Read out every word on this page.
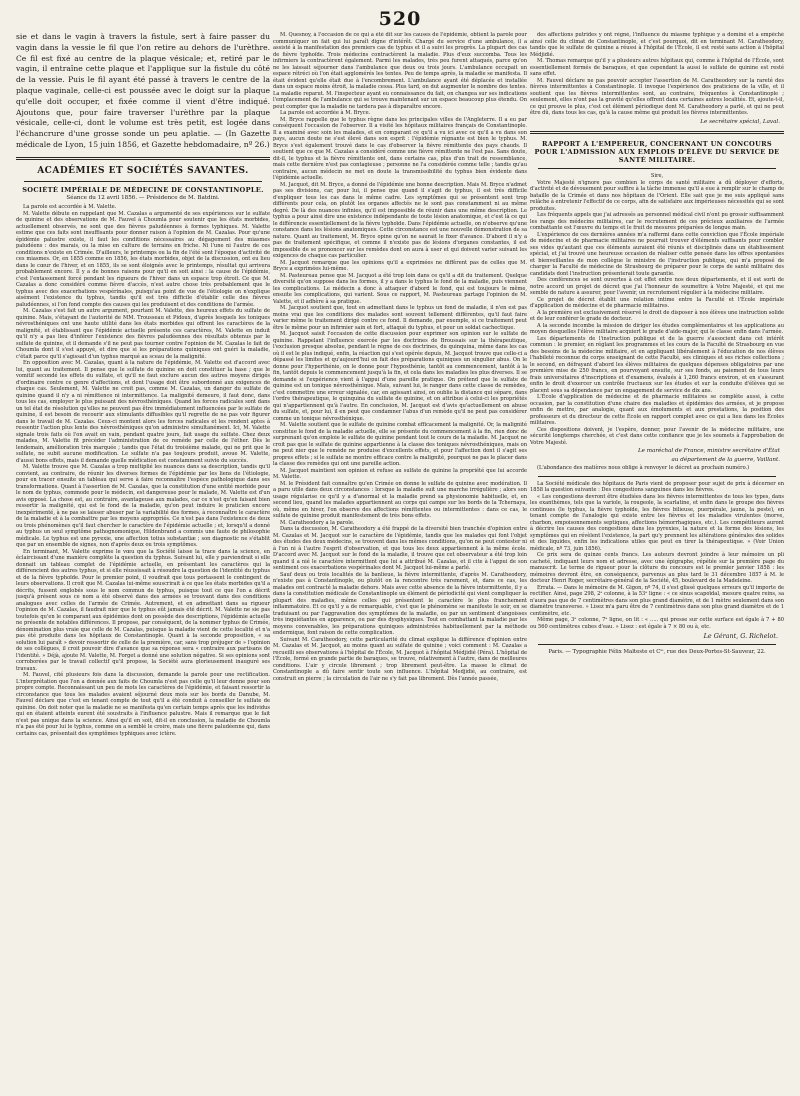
520

sie et dans le vagin à travers la fistule, sert à faire passer du vagin dans la vessie le fil que l'on retire au dehors de l'urèthre. Ce fil est fixé au centre de la plaque vésicale; et, retiré par le vagin, il entraîne cette plaque et l'applique sur la fistule du côté de la vessie. Puis le fil ayant été passé à travers le centre de la plaque vaginale, celle-ci est poussée avec le doigt sur la plaque qu'elle doit occuper, et fixée comme il vient d'être indiqué. Ajoutons que, pour faire traverser l'urèthre par la plaque vésicale, celle-ci, dont le volume est très petit, est logée dans l'échancrure d'une grosse sonde un peu aplatie. — (In Gazette médicale de Lyon, 15 juin 1856, et Gazette hebdomadaire, nº 26.)

ACADÉMIES ET SOCIÉTÉS SAVANTES.
SOCIÉTÉ IMPÉRIALE DE MÉDECINE DE CONSTANTINOPLE.
Séance du 12 avril 1856. — Présidence de M. Batdini.

La parole est accordée à M. Valette.

M. Valette débute en rappelant que M. Cazalas a argumenté de ses expériences sur le sulfate de quinine et des observations de M. Fauvel à Choumla pour soutenir que les états morbides, actuellement observés, ne sont que des fièvres paludéennes à formes typhiques. M. Valette estime que ces faits sont insuffisants pour donner raison à l'opinion de M. Cazalas. Pour qu'une épidémie palustre existe, il faut les conditions nécessaires au dégagement des miasmes paludéens : des marais, ou la mise en culture de terrains en friche. Ni l'une ni l'autre de ces conditions n'existe en Crimée. D'ailleurs, le printemps ou la fin de l'été sont l'époque d'activité de ces miasmes. Or, en 1855 comme en 1856, les états morbides, objet de la discussion, ont eu lieu dans le cœur de l'hiver, et en 1855, ils se sont éloignés avec le printemps, résultat qui arrivera probablement encore. Il y a de bonnes raisons pour qu'il en soit ainsi : la cause de l'épidémie, c'est l'entassement forcé pendant les rigueurs de l'hiver dans un espace trop étroit. Ce que M. Cazalas a donc considéré comme fièvre d'accès, n'est autre chose très probablement que le typhus avec des exacerbations vespérinales, puisqu'au point de vue de l'étiologie on n'explique aisément l'existence du typhus, tandis qu'il est très difficile d'établir celle des fièvres paludéennes, si l'on fond compte des causes qui les produisent et des conditions de l'armée.

M. Cazalas s'est fait un autre argument, pourtant M. Valette, des heureux effets du sulfate de quinine. Mais, s'étayant de l'autorité de MM. Trousseau et Pidoux, d'après lesquels les toniques névrosthéniques ont une haute utilité dans les états morbides qui offrent les caractères de la malignité, et établissant que l'épidémie actuelle présente ces caractères, M. Valette en induit qu'il n'y a pas lieu d'inférer l'existence des fièvres paludéennes des résultats obtenus par le sulfate de quinine, et il demande s'il ne peut pas tourner contre l'opinion de M. Cazalas le fait de Choumla dont il s'est appuyé, et dire que si les préparations quiniques ont guéri la maladie, c'était parce qu'il s'agissait d'un typhus marqué au sceau de la malignité.

En opposition avec M. Cazalas, quant à la nature de l'épidémie, M. Valette est d'accord avec lui, quant au traitement. Il pense que le sulfate de quinine en doit constituer la base ; que le vomitif secondé les effets du sulfate, et qu'il ne faut exclure aucun des autres moyens dirigés d'ordinaire contre ce genre d'affections, et dont l'usage doit être subordonné aux exigences de chaque cas. Seulement, M. Valette ne croit pas, comme M. Cazalas, un danger du sulfate de quinine quand il n'y a ni rémittence ni intermittence. La malignité demeure, il faut donc, dans tous les cas, employer le plus puissant des névrosthéniques. Quand les forces radicales sont dans un tel état de résolution qu'elles ne peuvent pas être immédiatement influencées par le sulfate de quinine, il est besoin de recourir aux stimulants diffusibles qu'il regrette de ne pas voir figurer dans le travail de M. Cazalas. Ceux-ci montent alors les forces radicales et les rendent aptes à ressentir l'action plus lente des névrosthéniques qu'on administre simultanément. Ici, M. Valette signale trois faits où l'on avait en vain, pendant quatre jours, fait usage du sulfate. Chez deux malades, M. Valette fit précéder l'administration de ce remède par celle de l'éther. Dès le lendemain, amélioration très marquée ; tandis que l'état du troisième malade, qui ne prit que le sulfate, ne subit aucune modification. Le sulfate n'a pas toujours produit, avoue M. Valette, d'aussi bons effets, mais il demande quelle médication est constamment suivie du succès.

M. Valette trouve que M. Cazalas a trop multiplié les nuances dans sa description, tandis qu'il convient, au contraire, de réunir les diverses formes de l'épidémie par les liens de l'étiologie, pour en tracer ensuite un tableau qui serve à faire reconnaître l'espèce pathologique dans ses transformations. Quant à l'assertion de M. Cazalas, que la constitution d'une entité morbide pour le nom de typhus, commode pour le médecin, est dangereuse pour le malade, M. Valette est d'un avis opposé. La chose est, au contraire, avantageuse aux malades, car ce n'est qu'en faisant bien ressortir la malignité, qui est le fond de la maladie, qu'on peut induire le praticien encore inexpérimenté, à ne pas se laisser abuser par la variabilité des formes, à reconnaître le caractère de la maladie et à la combattre par les moyens appropriés. Ce n'est pas dans l'existence de deux ou trois phénomènes qu'il faut chercher le caractère de l'épidémie actuelle ; et, lorsqu'il a donné au typhus un seul symptôme pathognomonique, Hildenbrand a commis une faute de philosophie médicale. Le typhus est une pyrexie, une affection totius substantiæ ; son diagnostic ne s'établit que par un ensemble de signes, non d'après deux ou trois symptômes.

En terminant, M. Valette exprime le vœu que la Société laisse la trace dans la science, en éclaircissant d'une manière complète la question du typhus. Suivant lui, elle y parviendrait si elle donnait un tableau complet de l'épidémie actuelle, en présentant les caractères qui la différencient des autres typhus, et si elle réussissait à résoudre la question de l'identité du typhus et de la fièvre typhoïde. Pour le premier point, il voudrait que tous portassent le contingent de leurs observations. Il croit que M. Cazalas lui-même souscrirait à ce que les états morbides qu'il a décrits, fussent englobés sous le nom commun de typhus, puisque tout ce que l'on a décrit jusqu'à présent sous ce nom a été observé dans des armées se trouvant dans des conditions analogues avec celles de l'armée de Crimée. Autrement, et en admettant dans sa rigueur l'opinion de M. Cazalas, il faudrait nier que le typhus eût jamais été décrit. M. Valette ne sie pas toutefois qu'en le comparant aux épidémies dont on possède des descriptions, l'épidémie actuelle ne présente de notables différences. Il propose, par conséquent, de la nommer typhus de Crimée, dénomination plus vraie que celle de M. Cazalas, puisque la maladie vient de cette localité et n'a pas été produite dans les hôpitaux de Constantinople. Quant à la seconde proposition, « sa solution lui paraît » devoir ressortir de celle de la première, car, sans trop préjuger de » l'opinion de ses collègues, il croit pouvoir dire d'avance que sa réponse sera « contraire aux partisans de l'identité. » Déjà, ajoute M. Valette, M. Forget a donné une solution négative. Si ses opinions sont corroborées par le travail collectif qu'il propose, la Société aura glorieusement inauguré ses travaux.

M. Fauvel, cité plusieurs fois dans la discussion, demande la parole pour une rectification. L'interprétation que l'on a donnée aux faits de Choumla n'est pas celle qu'il leur donne pour son propre compte. Reconnaissant un peu de mots les caractères de l'épidémie, et faisant ressortir la circonstance que tous les malades avaient séjourné deux mois sur les bords du Danube, M. Fauvel déclare que c'est en tenant compte de tout qu'il a été conduit à conseiller le sulfate de quinine. On doit noter que la maladie ne se manifesta qu'en certain temps après que les individus qui en étaient atteints eurent été soustraits à l'influence palustre. Mais il remarque que le fait n'est pas unique dans la science. Ainsi qu'il en soit, dit-il en conclusion, la maladie de Choumla n'a pas été pour lui le typhus, comme on a semblé le croire, mais une fièvre paludéenne qui, dans certains cas, présentait des symptômes typhiques avec ictère.

M. Quesnoy, à l'occasion de ce qui a été dit sur les causes de l'épidémie, obtient la parole pour communiquer un fait qui lui paraît digne d'intérêt. Chargé du service d'une ambulance, il a assisté à la manifestation des premiers cas de typhus et il a suivi les progrès. La plupart des cas de fièvre typhoïde. Trois médecins contractèrent la maladie. Plus d'eux succomba. Tous les infirmiers la contractèrent également. Parmi les malades, très peu furent attaqués, parce qu'on ne les laissait séjourner dans l'ambulance que deux ou trois jours. L'ambulance occupait un espace rétréci où l'on était agglomérés les tentes. Peu de temps après, la maladie se manifesta. Il était évident qu'elle était due à l'encombrement. L'ambulance ayant été déplacée et installée dans un espace moins étroit, la maladie cessa. Plus tard, on dut augmenter le nombre des tentes. La maladie reparut. M. l'inspecteur ayant eu connaissance du fait, on changea sur ses indications l'emplacement de l'ambulance qui se trouve maintenant sur un espace beaucoup plus étendu. On peut compter que la maladie ne tardera pas à disparaître encore.

La parole est accordée à M. Bryce.

M. Bryce rappelle que le typhus règne dans les principales villes de l'Angleterre. Il a eu par conséquent l'occasion de l'observer. Il a visité les hôpitaux militaires français de Constantinople. Il a examiné avec soin les malades, et en comparant ce qu'il a vu ici avec ce qu'il a vu dans son pays, aucun doute ne s'est élevé dans son esprit : l'épidémie régnante est bien le typhus. M. Bryce s'est également trouvé dans le cas d'observer la fièvre rémittente des pays chauds. Il soutient que ce que M. Cazalas a considéré comme une fièvre rémittente ne l'est pas. Sans doute, dit-il, le typhus et la fièvre rémittente ont, dans certains cas, plus d'un trait de ressemblance, mais cette dernière n'est pas contagieuse ; personne ne l'a considérée comme telle ; tandis qu'au contraire, aucun médecin ne met en doute la transmissibilité du typhus bien évidente dans l'épidémie actuelle.

M. Jacquot, dit M. Bryce, a donné de l'épidémie une bonne description. Mais M. Bryce n'admet pas ses divisions, car, pour lui, il pense que quand il s'agit de typhus, il est très difficile d'expliquer tous les cas dans le même cadre. Les symptômes qui se présentent sont trop différents pour cela, on plutôt les organes affectés ne le sont pas constamment ni au même degré. De là des nuances infinies, qu'il est impossible de réunir dans une même description. Le typhus a pour ainsi dire une existence indépendante de toute lésion anatomique, et c'est là ce qui le différencie essentiellement de la fièvre typhoïde. Dans l'épidémie actuelle, on n'observe qu'une constance dans les lésions anatomiques. Cette circonstance est une nouvelle démonstration de sa nature. Quant au traitement, M. Bryce opine qu'on ne saurait le fixer d'avance. D'abord il n'y a pas de traitement spécifique, et comme il n'existe pas de lésions d'organes constantes, il est impossible de se prononcer sur les remèdes dont on aura à user et qui doivent varier suivant les exigences de chaque cas particulier.

M. Jacquot remarque que les opinions qu'il a exprimées ne diffèrent pas de celles que M. Bryce a exprimées lui-même.

M. Pasteureau pense que M. Jacquot a été trop loin dans ce qu'il a dit du traitement. Quelque diversité qu'on suppose dans les formes, il y a dans le typhus le fond de la maladie, puis viennent les complications. Le médecin a donc à attaquer d'abord le fond, qui est toujours le même, ensuite les complications, qui varient. Sous ce rapport, M. Pasteureau partage l'opinion de M. Valette, et il adhère à sa pratique.

M. Jacquot soutient que, tout en admettant dans le typhus un fond de maladie, il n'en est pas moins vrai que les conditions des malades sont souvent tellement différentes, qu'il faut faire varier même le traitement dirigé contre ce fond. Il demande, par exemple, si ce traitement peut être le même pour un infirmier sain et fort, attaqué du typhus, et pour un soldat cachectique.

M. Jacquot saisit l'occasion de cette discussion pour exprimer son opinion sur le sulfate de quinine. Rappelant l'influence exercée par les doctrines de Broussais sur la thérapeutique, l'exclusion presque absolue, pendant le règne de ces doctrines, du quinquina, même dans les cas où il est le plus indiqué, enfin, la réaction qui s'est opérée depuis, M. Jacquot trouve que celle-ci a dépassé les limites et qu'aujourd'hui on fait des préparations quiniques un singulier abus. On le donne pour l'hyperthénie, on le donne pour l'hyposthénie, tantôt au commencement, tantôt à la fin, tantôt depuis le commencement jusqu'à la fin, et cela dans les maladies les plus diverses. Il se demande si l'expérience vient à l'appui d'une pareille pratique. On prétend que le sulfate de quinine est un tonique névrosthénique. Mais, suivant lui, le ranger dans cette classe de remèdes, c'est commettre une erreur signalée, car, en agissant ainsi, on oublie la distance qui sépare, dans l'ordre thérapeutique, le quinquina du sulfate de quinine, et on attribue à celui-ci les propriétés qui n'appartiennent qu'à l'autre. En conclusion, M. Jacquot est d'avis qu'actuellement on abuse du sulfate, et, pour lui, il en peut que condamner l'abus d'un remède qu'il ne peut pas considérer comme un tonique névrosthénique.

M. Valette soutient que le sulfate de quinine combat efficacement la malignité. Or, la malignité constitue le fond de la maladie actuelle, elle se présente du commencement à la fin, rien donc de surprenant qu'on emploie le sulfate de quinine pendant tout le cours de la maladie. M. Jacquot ne croit pas que le sulfate de quinine appartienne à la classe des toniques névrosthéniques, mais on ne peut nier que le remède ne produise d'excellents effets, et pour l'affection dont il s'agit ses propres effets ; si le sulfate ne montre efficace contre la malignité, pourquoi ne pas le placer dans la classe des remèdes qui ont une pareille action.

M. Jacquot maintient son opinion et refuse au sulfate de quinine la propriété que lui accorde M. Valette.

M. le Président fait connaître qu'en Crimée on donne le sulfate de quinine avec modération. Il a paru utile dans deux circonstances : lorsque la maladie suit une marche irrégulière ; alors son usage régularise ce qu'il y a d'anormal et la maladie prend sa physionomie habituelle, et, en second lieu, quand les malades appartiennent au corps qui campe sur les bords de la Tchernaya, où, même en hiver, l'on observe des affections rémittentes ou intermittentes : dans ce cas, le sulfate de quinine produit manifestement de très bons effets.

M. Caratheodory a la parole.

Dans la discussion, M. Caratheodory a été frappé de la diversité bien tranchée d'opinion entre M. Cazalas et M. Jacquot sur le caractère de l'épidémie, tandis que les malades qui font l'objet des études des deux médecins, se trouvent dans les mêmes conditions, qu'on ne peut contester ni à l'un ni à l'autre l'esprit d'observation, et que tous les deux appartiennent à la même école. D'accord avec M. Jacquot sur le fond de la maladie, il trouve que cet observateur a été trop loin quand il a nié le caractère intermittent que lui a attribué M. Cazalas, et il cite à l'appui de son sentiment ces exacerbations vespérinales dont M. Jacquot lui-même a parlé.

Sauf deux ou trois localités de la banlieue, la fièvre intermittente, d'après M. Caratheodory, n'existe pas à Constantinople, ou plutôt on la rencontre très rarement, et, dans ce cas, les malades ont contracté la maladie dehors. Mais avec cette absence de la fièvre intermittente, il y a dans la constitution médicale de Constantinople un élément de périodicité qui vient compliquer la plupart des maladies, même celles qui présentent le caractère le plus franchement inflammatoire. Et ce qu'il y a de remarquable, c'est que le phénomène se manifeste le soir, en se traduisant ou par l'aggravation des symptômes de la maladie, ou par un sentiment d'angoisses très inquiétantes en apparence, ou par des dysphysiques. Tout en combattant la maladie par les moyens convenables, les préparations quiniques administrées habituellement par la méthode endermique, font raison de cette complication.

Suivant M. Caratheodory, cette particularité du climat explique la différence d'opinion entre M. Cazalas et M. Jacquot, au moins quant au sulfate de quinine ; voici comment : M. Cazalas a recueilli ses observations à l'hôpital de l'École, M. Jacquot à l'hôpital Médjidié (Péra). L'hôpital de l'École, formé en grande partie de baraques, se trouve, relativement à l'autre, dans de meilleures conditions. L'air y circule librement ; trop librement peut-être. La masse le climat de Constantinople a dû faire sentir toute son influence. L'hôpital Medjidié, au contraire, est construit en pierre ; la circulation de l'air ne s'y fait pas librement. Dès l'année passée,

des affections putrides y ont régné, l'influence du miasme typhique y a dominé et a empêché ainsi celle du climat de Constantinople, et c'est pourquoi, dit en terminant M. Caratheodory, tandis que le sulfate de quinine a réussi à l'hôpital de l'École, il est resté sans action à l'hôpital Médjidié.

M. Thomas remarque qu'il y a plusieurs autres hôpitaux qui, comme à l'hôpital de l'École, sont essentiellement formés de baraques, et que cependant la aussi le sulfate de quinine est resté sans effet.

M. Fauvel déclare ne pas pouvoir accepter l'assertion de M. Caratheodory sur la rareté des fièvres intermittentes à Constantinople. Il invoque l'expérience des praticiens de la ville, et il soutient que les fièvres intermittentes sont, au contraire, fréquentes à Constantinople ; seulement, elles n'ont pas la gravité qu'elles offrent dans certaines autres localités. Et, ajoute-t-il, ce qui prouve le plus, c'est cet élément périodique dont M. Caratheodory a parlé, et qui ne peut être dû, dans tous les cas, qu'à la cause même qui produit les fièvres intermittentes.

Le secrétaire spécial, Laval.
RAPPORT A L'EMPEREUR, CONCERNANT UN CONCOURS POUR L'ADMISSION AUX EMPLOIS D'ÉLÈVE DU SERVICE DE SANTÉ MILITAIRE.

Sire,

Votre Majesté n'ignore pas combien le corps de santé militaire a dû déployer d'efforts, d'activité et de dévouement pour suffire à la tâche immense qu'il a eue à remplir sur le champ de bataille de la Crimée et dans nos hôpitaux de l'Orient. Elle sait que je me suis appliqué sans relâche à entretenir l'effectif de ce corps, afin de satisfaire aux impérieuses nécessités qui se sont produites.

Les fréquents appels que j'ai adressés au personnel médical civil n'ont pu grossir suffisamment les rangs des médecins militaires, car le recrutement de ces précieux auxiliaires de l'armée combattante est l'œuvre du temps et le fruit de mesures préparées de longue main.

L'expérience de ces dernières années m'a raffermi dans cette conviction que l'École impériale de médecine et de pharmacie militaires ne pourrait trouver d'éléments suffisants pour combler ses vides qu'autant que ces éléments auraient été réunis et disciplinés dans un établissement spécial, et j'ai trouvé une heureuse occasion de réaliser cette pensée dans les offres spontanées et bienveillantes de mon collègue le ministre de l'instruction publique, qui m'a proposé de charger la Faculté de médecine de Strasbourg de préparer pour le corps de santé militaire des candidats dont l'instruction présenterait toute garantie.

Des conférences se sont ouvertes à cet effet entre nos deux départements, et il est sorti de notre accord un projet de décret que j'ai l'honneur de soumettre à Votre Majesté, et qui me semble de nature à assurer, pour l'avenir, un recrutement régulier à la médecine militaire.

Ce projet de décret établit une relation intime entre la Faculté et l'École impériale d'application de médecine et de pharmacie militaires.

A la première est exclusivement réservé le droit de disposer à nos élèves une instruction solide et de leur conférer le grade de docteur.

A la seconde incombe la mission de diriger les études complémentaires et les applications au moyen desquelles l'élève militaire acquiert le grade d'aide-major, qui le classe enfin dans l'armée.

Les départements de l'instruction publique et de la guerre s'associent dans cet intérêt commun : le premier, en réglant les programmes et les cours de la Faculté de Strasbourg en vue des besoins de la médecine militaire, et en appliquant libéralement à l'éducation de nos élèves l'habileté reconnue du corps enseignant de cette Faculté, ses cliniques et ses riches collections ; le second, en défrayant d'abord les élèves militaires de quelques dépenses obligatoires par une première mise de 250 francs, en pourvoyant ensuite, sur ses fonds, au paiement de tous leurs frais universitaires d'inscriptions et d'examens, évalués à 1,260 francs environ, et en s'assurant enfin le droit d'exercer un contrôle fructueux sur les études et sur la conduite d'élèves qui se placent sous sa dépendance par un engagement de service de dix ans.

L'École d'application de médecine et de pharmacie militaires se complète aussi, à cette occasion, par la constitution d'une chaire des maladies et épidémies des armées, et je propose enfin de mettre, par analogie, quant aux émoluments et aux prestations, la position des professeurs et du directeur de cette École en rapport complet avec ce qui a lieu dans les Écoles militaires.

Ces dispositions doivent, je l'espère, donner, pour l'avenir de la médecine militaire, une sécurité longtemps cherchée, et c'est dans cette confiance que je les soumets à l'approbation de Votre Majesté.

Le maréchal de France, ministre secrétaire d'État
au département de la guerre, Vaillant.

(L'abondance des matières nous oblige à renvoyer le décret au prochain numéro.)

La Société médicale des hôpitaux de Paris vient de proposer pour sujet de prix à décerner en 1858 la question suivante : Des congestions sanguines dans les fièvres.

« Les congestions devront être étudiées dans les fièvres intermittentes de tous les types, dans les exanthèmes, tels que la variole, la rougeole, la scarlatine, et enfin dans le groupe des fièvres continues (le typhus, la fièvre typhoïde, les fièvres bilieuse, puerpérale, jaune, la peste), en tenant compte de l'analogie qui existe entre les fièvres et les maladies virulentes (morve, charbon, empoisonnements septiques, affections hémorrhagiques, etc.). Les compétiteurs auront à décrire les causes des congestions dans les pyrexies, la nature et la forme des lésions, les symptômes qui en révèlent l'existence, la part qu'y prennent les altérations générales des solides et des liquides, enfin les indications utiles que peut en tirer la thérapeutique. » (Voir Union médicale, nº 73, juin 1856).

Ce prix sera de quinze cents francs. Les auteurs devront joindre à leur mémoire un pli cacheté, indiquant leurs nom et adresse, avec une épigraphe, répétée sur la première page du manuscrit. Le terme de rigueur pour la clôture du concours est le premier janvier 1858 : les mémoires devront être, en conséquence, parvenus au plus tard le 31 décembre 1857 à M. le docteur Henri Roger, secrétaire-général de la Société, 45, boulevard de la Madeleine.

Errata. — Dans le mémoire de M. Gigon, nº 74, il s'est glissé quelques erreurs qu'il importe de rectifier. Ainsi, page 298, 2ᵉ colonne, à la 53ᵉ ligne : « ce sinus scapoïdal, mesure quatre reins, sa n'aura pas que de 7 centimètres dans son plus grand diamètre, et de 1 mètre seulement dans son diamètre transverse. » Lisez m'a paru être de 7 centimètres dans son plus grand diamètre et de 1 centimètre, etc.

Même page, 3ᵉ colonne, 7ᵉ ligne, on lit : « ….. qui presse sur cette surface est égale à 7 + 80 ou 560 centimètres cubes d'eau. » Lisez : est égale à 7 × 80 ou à, etc.

Le Gérant, G. Richelot.
Paris. — Typographie Félix Malteste et Cⁱᵉ, rue des Deux-Portes-St-Sauveur, 22.
